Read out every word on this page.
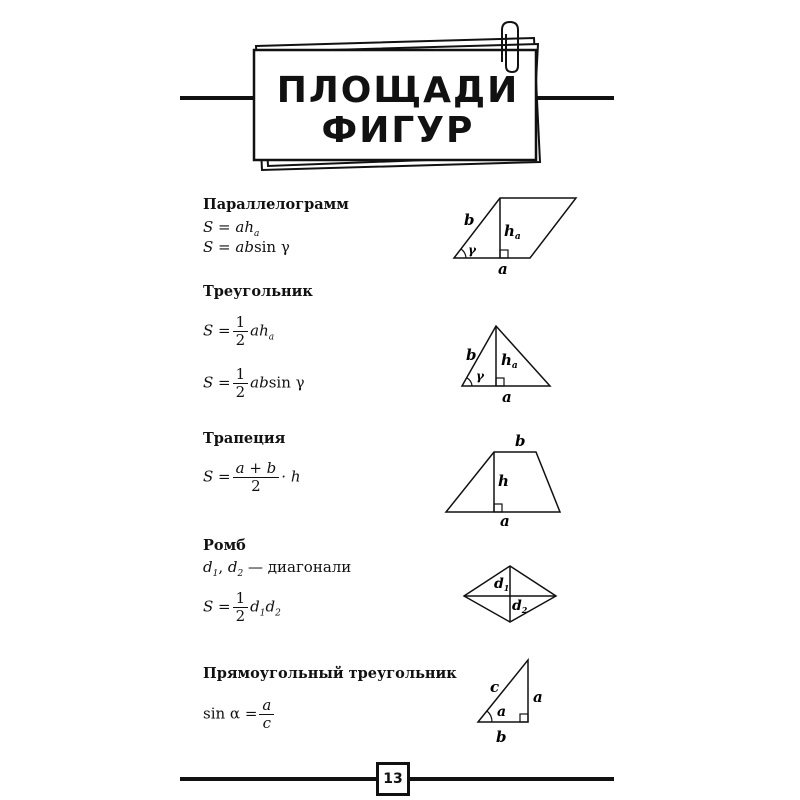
ПЛОЩАДИ
ФИГУР
Параллелограмм
$S = ah_a$
S = absin γ
b
$h_a$
γ
a
Треугольник
$S = \frac{1}{2} ah_a$
$S = \frac{1}{2}$ absin γ
b $h_a$
γ
a
Трапеция
$S = \frac{a + b}{2} \cdot h$
b
h
a
Ромб
$d_1$, $d_2$ — диагонали
$S = \frac{1}{2} d_1d_2$
$d_1$
$d_2$
Прямоугольный треугольник
$\sin \alpha = \frac{a}{c}$
c
a
a
b
13
